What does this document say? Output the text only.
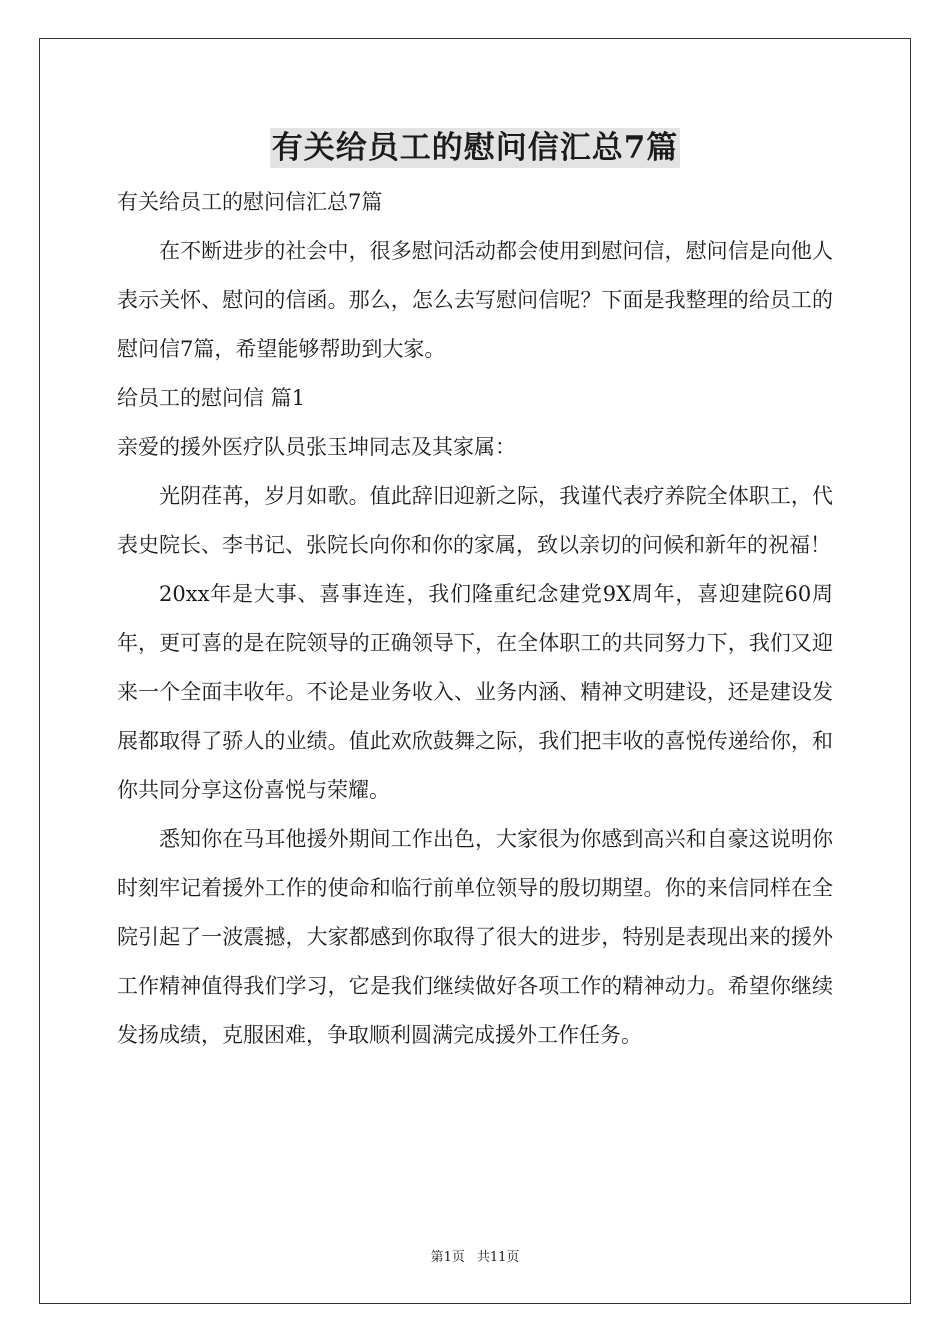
有关给员工的慰问信汇总7篇

有关给员工的慰问信汇总7篇

在不断进步的社会中，很多慰问活动都会使用到慰问信，慰问信是向他人表示关怀、慰问的信函。那么，怎么去写慰问信呢？下面是我整理的给员工的慰问信7篇，希望能够帮助到大家。

给员工的慰问信 篇1

亲爱的援外医疗队员张玉坤同志及其家属：

光阴荏苒，岁月如歌。值此辞旧迎新之际，我谨代表疗养院全体职工，代表史院长、李书记、张院长向你和你的家属，致以亲切的问候和新年的祝福！

20xx年是大事、喜事连连，我们隆重纪念建党9X周年，喜迎建院60周年，更可喜的是在院领导的正确领导下，在全体职工的共同努力下，我们又迎来一个全面丰收年。不论是业务收入、业务内涵、精神文明建设，还是建设发展都取得了骄人的业绩。值此欢欣鼓舞之际，我们把丰收的喜悦传递给你，和你共同分享这份喜悦与荣耀。

悉知你在马耳他援外期间工作出色，大家很为你感到高兴和自豪这说明你时刻牢记着援外工作的使命和临行前单位领导的殷切期望。你的来信同样在全院引起了一波震撼，大家都感到你取得了很大的进步，特别是表现出来的援外工作精神值得我们学习，它是我们继续做好各项工作的精神动力。希望你继续发扬成绩，克服困难，争取顺利圆满完成援外工作任务。

第1页 共11页
